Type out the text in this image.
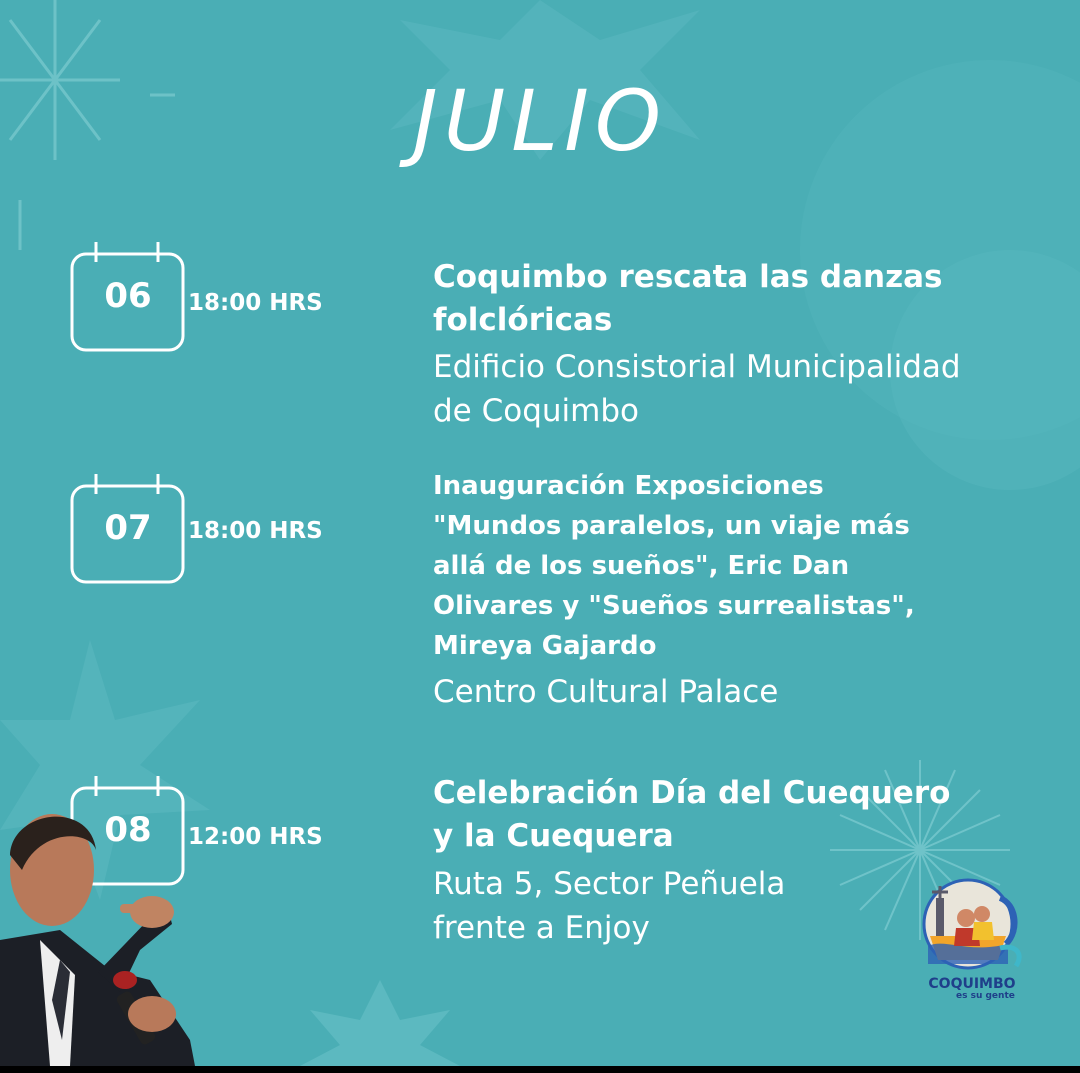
JULIO
06	18:00 HRS
Coquimbo rescata las danzas
folclóricas
Edificio Consistorial Municipalidad
de Coquimbo
07	18:00 HRS
Inauguración Exposiciones
"Mundos paralelos, un viaje más
allá de los sueños", Eric Dan
Olivares y "Sueños surrealistas",
Mireya Gajardo
Centro Cultural Palace
08	12:00 HRS
Celebración Día del Cuequero
y la Cuequera
Ruta 5, Sector Peñuela
frente a Enjoy
COQUIMBO
es su gente
